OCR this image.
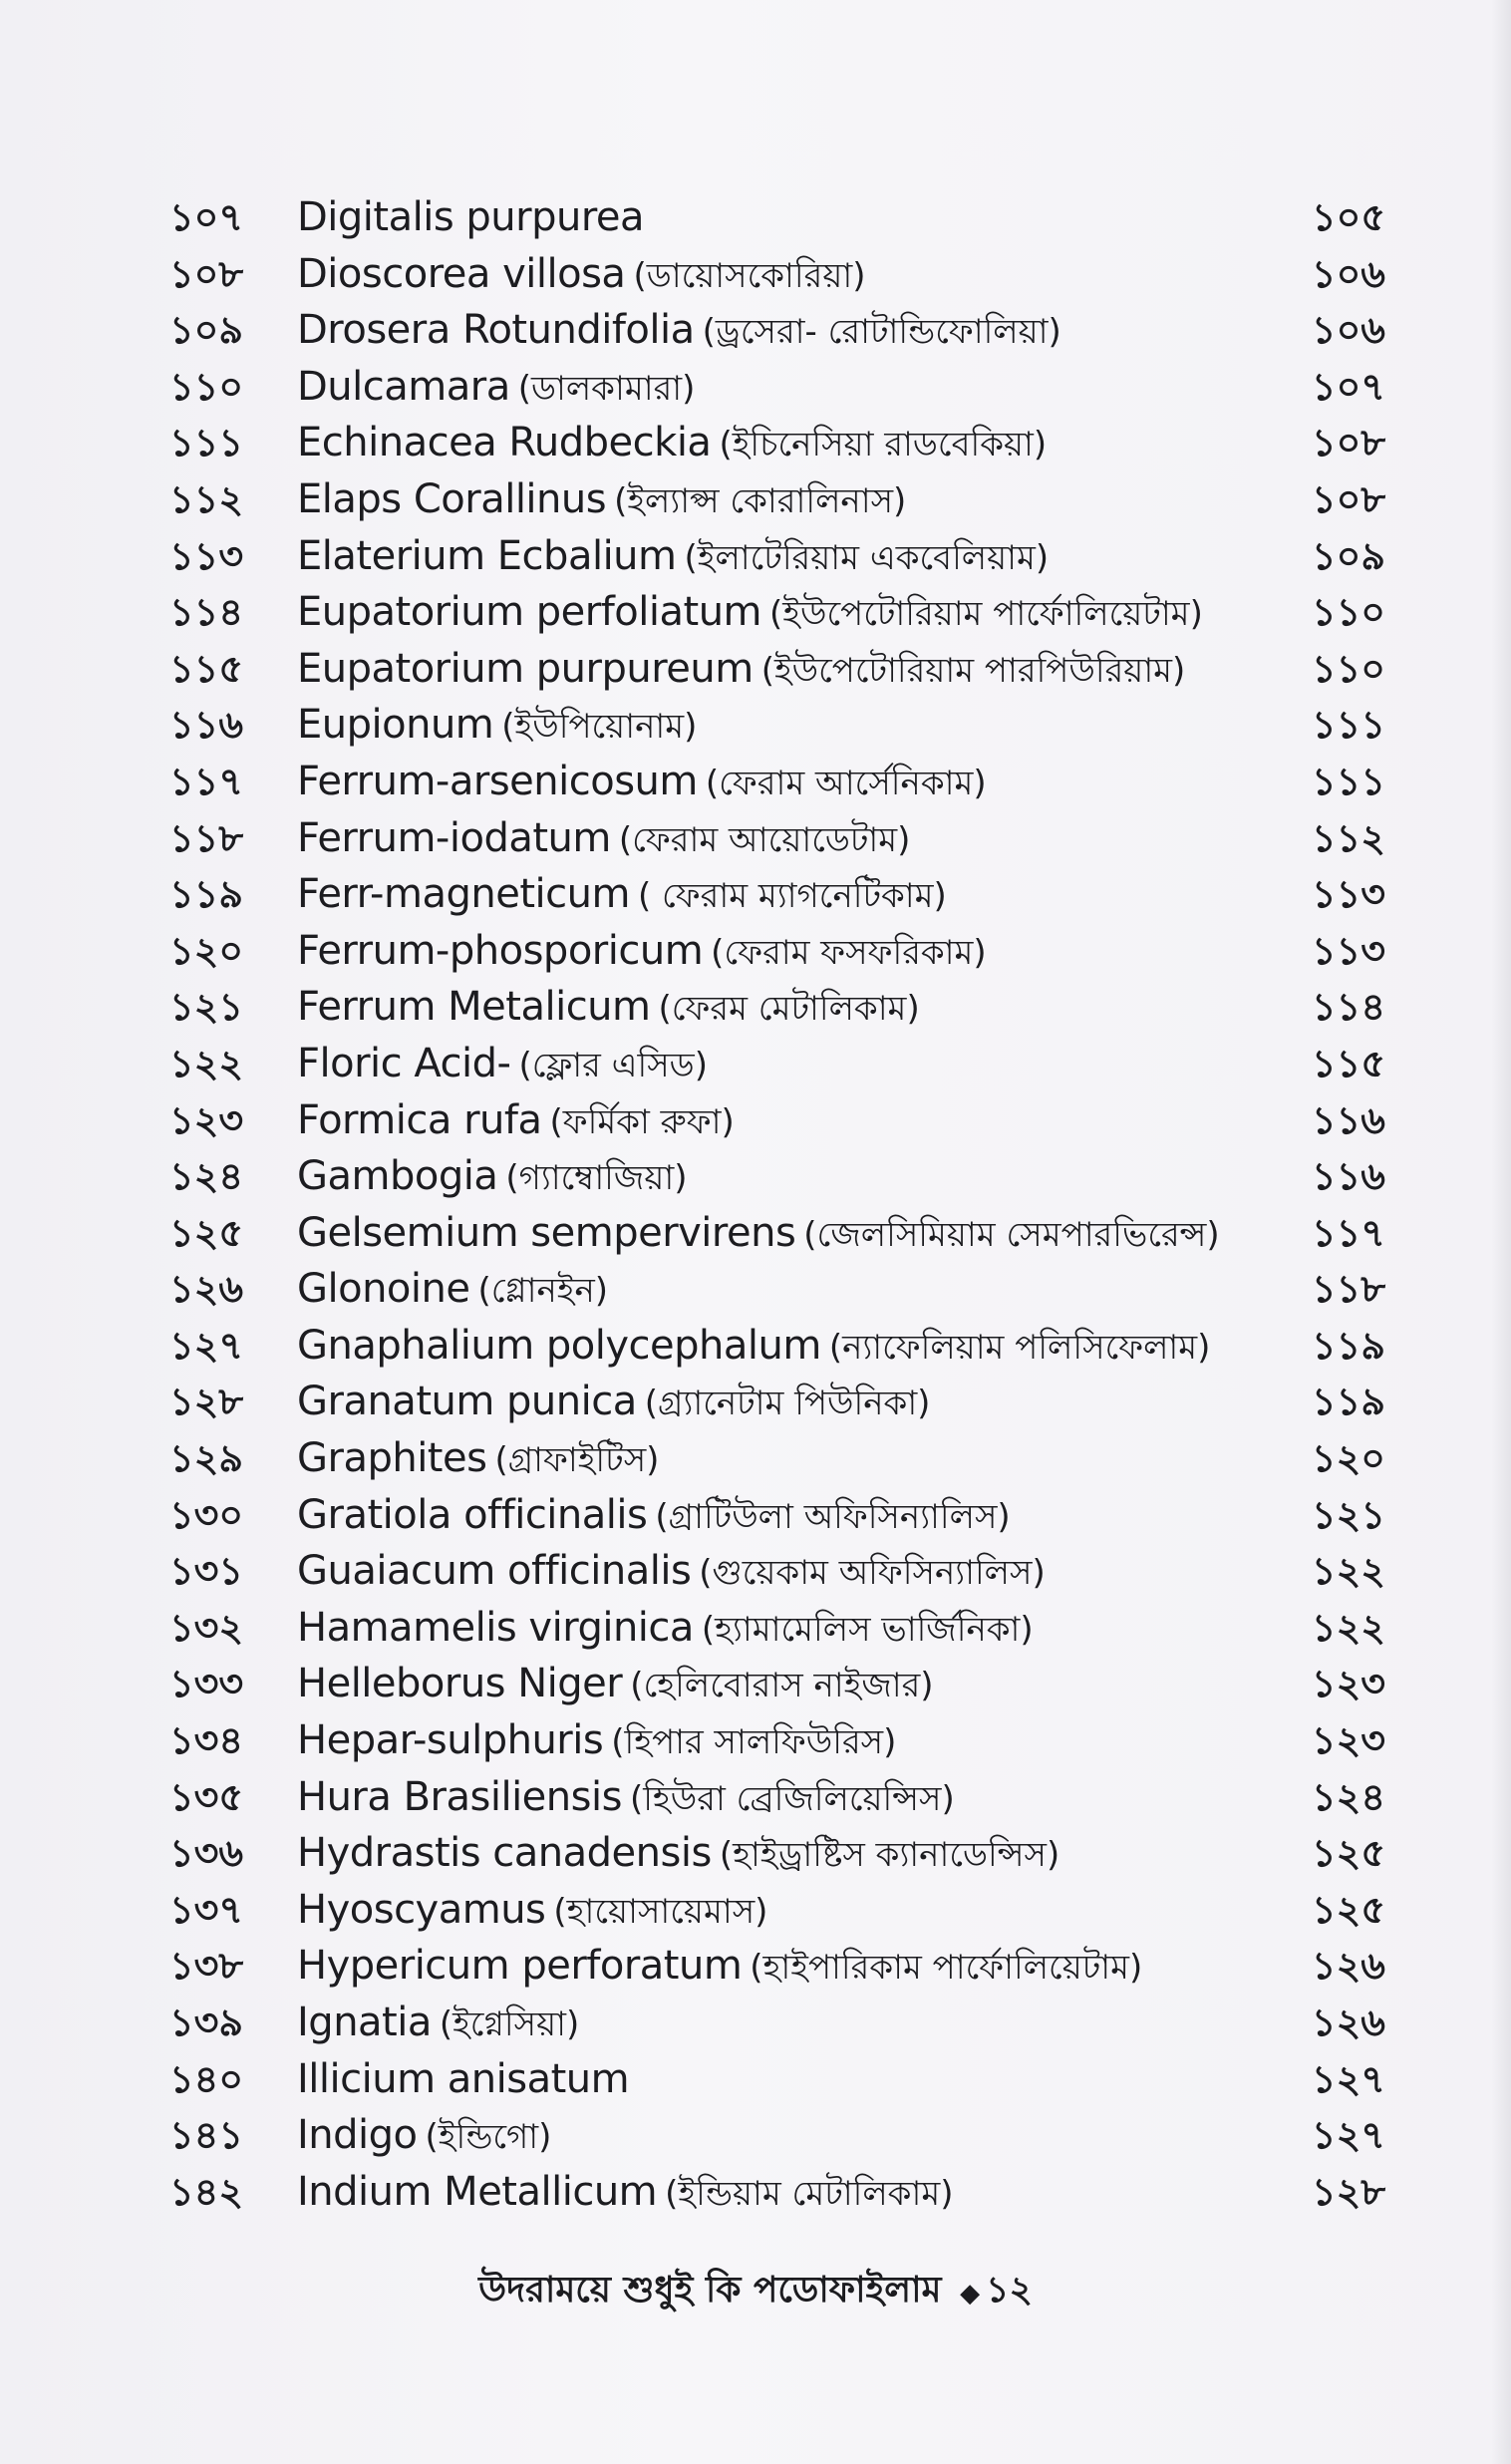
১০৭	Digitalis purpurea	১০৫
১০৮	Dioscorea villosa (ডায়োসকোরিয়া)	১০৬
১০৯	Drosera Rotundifolia (ড্রসেরা- রোটান্ডিফোলিয়া)	১০৬
১১০	Dulcamara (ডালকামারা)	১০৭
১১১	Echinacea Rudbeckia (ইচিনেসিয়া রাডবেকিয়া)	১০৮
১১২	Elaps Corallinus (ইল্যাপ্স কোরালিনাস)	১০৮
১১৩	Elaterium Ecbalium (ইলাটেরিয়াম একবেলিয়াম)	১০৯
১১৪	Eupatorium perfoliatum (ইউপেটোরিয়াম পার্ফোলিয়েটাম)	১১০
১১৫	Eupatorium purpureum (ইউপেটোরিয়াম পারপিউরিয়াম)	১১০
১১৬	Eupionum (ইউপিয়োনাম)	১১১
১১৭	Ferrum-arsenicosum (ফেরাম আর্সেনিকাম)	১১১
১১৮	Ferrum-iodatum (ফেরাম আয়োডেটাম)	১১২
১১৯	Ferr-magneticum ( ফেরাম ম্যাগনেটিকাম)	১১৩
১২০	Ferrum-phosporicum (ফেরাম ফসফরিকাম)	১১৩
১২১	Ferrum Metalicum (ফেরম মেটালিকাম)	১১৪
১২২	Floric Acid- (ফ্লোর এসিড)	১১৫
১২৩	Formica rufa (ফর্মিকা রুফা)	১১৬
১২৪	Gambogia (গ্যাম্বোজিয়া)	১১৬
১২৫	Gelsemium sempervirens (জেলসিমিয়াম সেমপারভিরেন্স)	১১৭
১২৬	Glonoine (গ্লোনইন)	১১৮
১২৭	Gnaphalium polycephalum (ন্যাফেলিয়াম পলিসিফেলাম)	১১৯
১২৮	Granatum punica (গ্র্যানেটাম পিউনিকা)	১১৯
১২৯	Graphites (গ্রাফাইটিস)	১২০
১৩০	Gratiola officinalis (গ্রাটিউলা অফিসিন্যালিস)	১২১
১৩১	Guaiacum officinalis (গুয়েকাম অফিসিন্যালিস)	১২২
১৩২	Hamamelis virginica (হ্যামামেলিস ভার্জিনিকা)	১২২
১৩৩	Helleborus Niger (হেলিবোরাস নাইজার)	১২৩
১৩৪	Hepar-sulphuris (হিপার সালফিউরিস)	১২৩
১৩৫	Hura Brasiliensis (হিউরা ব্রেজিলিয়েন্সিস)	১২৪
১৩৬	Hydrastis canadensis (হাইড্রাষ্টিস ক্যানাডেন্সিস)	১২৫
১৩৭	Hyoscyamus (হায়োসায়েমাস)	১২৫
১৩৮	Hypericum perforatum (হাইপারিকাম পার্ফোলিয়েটাম)	১২৬
১৩৯	Ignatia (ইগ্নেসিয়া)	১২৬
১৪০	Illicium anisatum	১২৭
১৪১	Indigo (ইন্ডিগো)	১২৭
১৪২	Indium Metallicum (ইন্ডিয়াম মেটালিকাম)	১২৮
উদরাময়ে শুধুই কি পডোফাইলাম ◆ ১২
